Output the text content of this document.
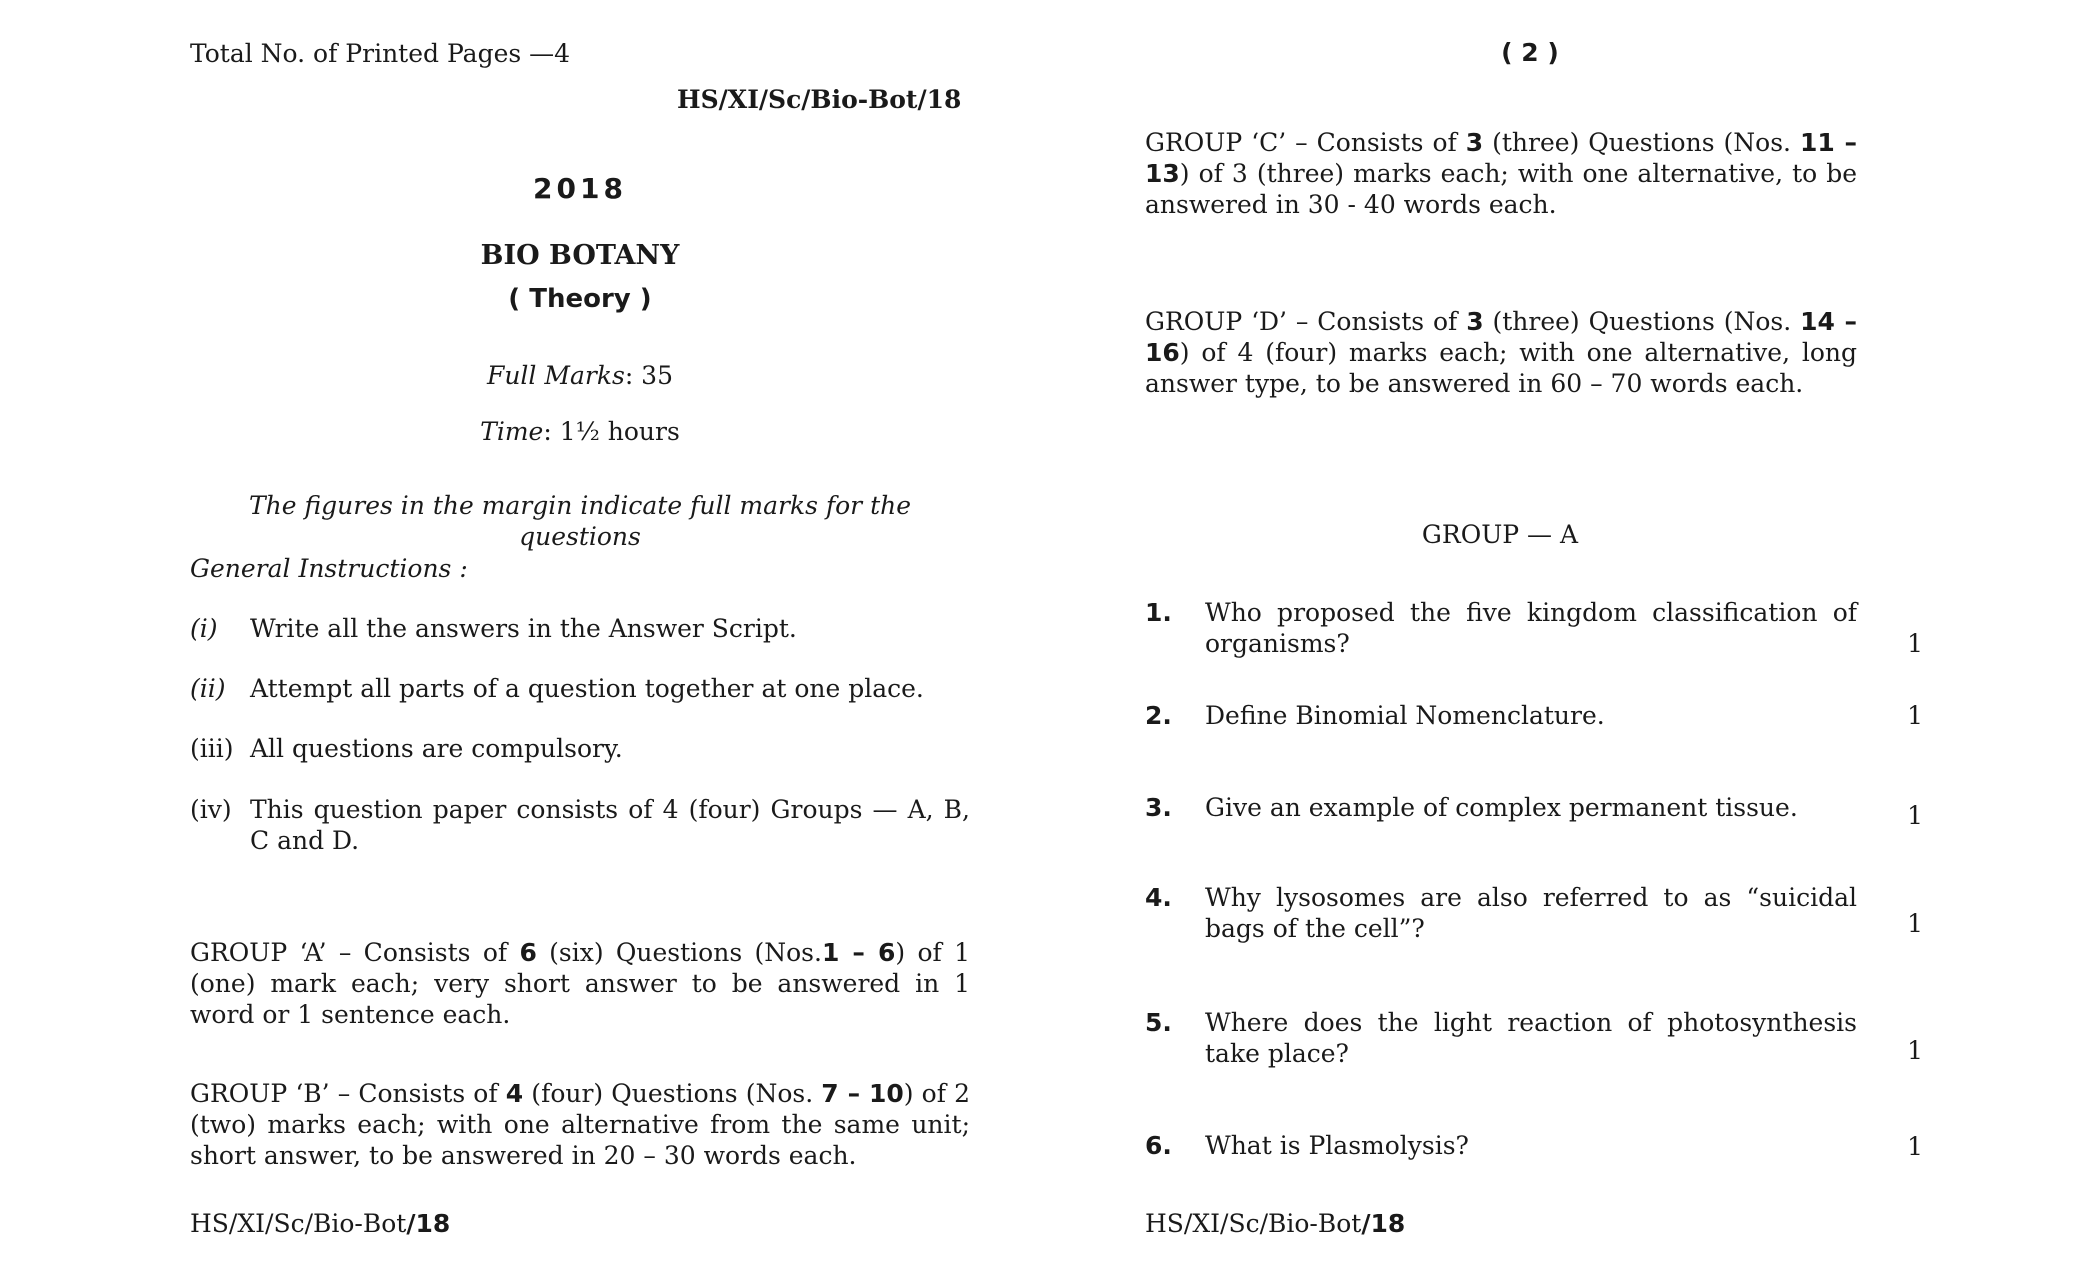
Total No. of Printed Pages —4
HS/XI/Sc/Bio-Bot/18
2018
BIO BOTANY
( Theory )
Full Marks: 35
Time: 1½ hours
The figures in the margin indicate full marks for the questions
General Instructions :
(i) Write all the answers in the Answer Script.
(ii) Attempt all parts of a question together at one place.
(iii) All questions are compulsory.
(iv) This question paper consists of 4 (four) Groups — A, B, C and D.
GROUP ‘A’ – Consists of 6 (six) Questions (Nos.1 – 6) of 1 (one) mark each; very short answer to be answered in 1 word or 1 sentence each.
GROUP ‘B’ – Consists of 4 (four) Questions (Nos. 7 – 10) of 2 (two) marks each; with one alternative from the same unit; short answer, to be answered in 20 – 30 words each.
HS/XI/Sc/Bio-Bot/18
( 2 )
GROUP ‘C’ – Consists of 3 (three) Questions (Nos. 11 – 13) of 3 (three) marks each; with one alternative, to be answered in 30 - 40 words each.
GROUP ‘D’ – Consists of 3 (three) Questions (Nos. 14 – 16) of 4 (four) marks each; with one alternative, long answer type, to be answered in 60 – 70 words each.
GROUP — A
1. Who proposed the five kingdom classification of organisms?	1
2. Define Binomial Nomenclature.	1
3. Give an example of complex permanent tissue.	1
4. Why lysosomes are also referred to as “suicidal bags of the cell”?	1
5. Where does the light reaction of photosynthesis take place?	1
6. What is Plasmolysis?	1
HS/XI/Sc/Bio-Bot/18
